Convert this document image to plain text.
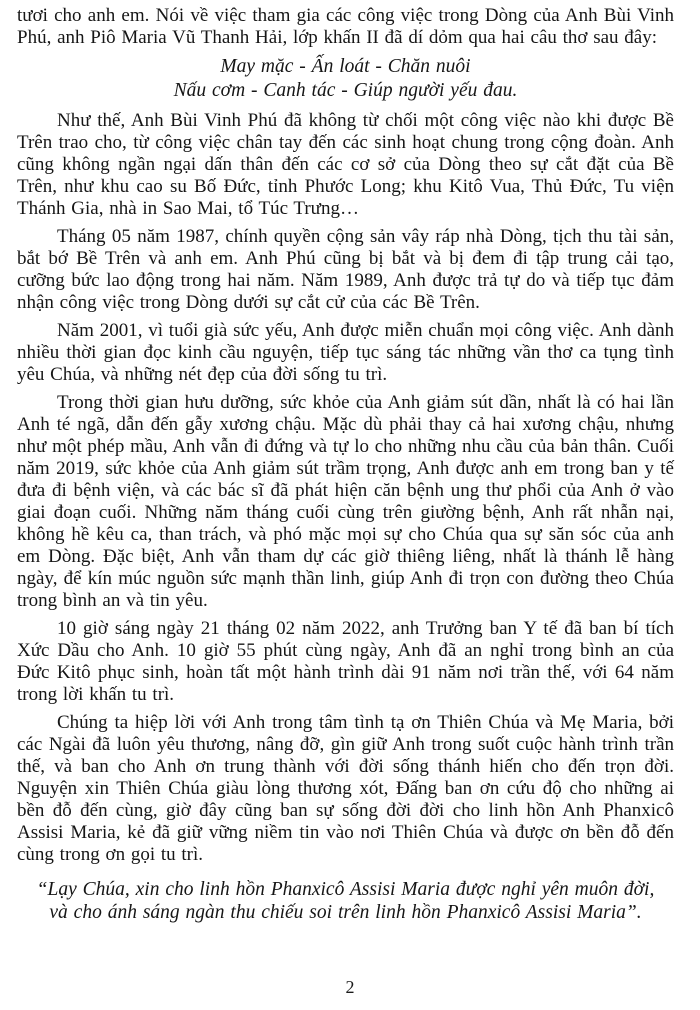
tươi cho anh em. Nói về việc tham gia các công việc trong Dòng của Anh Bùi Vinh Phú, anh Piô Maria Vũ Thanh Hải, lớp khấn II đã dí dỏm qua hai câu thơ sau đây:

May mặc - Ấn loát - Chăn nuôi

Nấu cơm - Canh tác - Giúp người yếu đau.

Như thế, Anh Bùi Vinh Phú đã không từ chối một công việc nào khi được Bề Trên trao cho, từ công việc chân tay đến các sinh hoạt chung trong cộng đoàn. Anh cũng không ngần ngại dấn thân đến các cơ sở của Dòng theo sự cắt đặt của Bề Trên, như khu cao su Bố Đức, tỉnh Phước Long; khu Kitô Vua, Thủ Đức, Tu viện Thánh Gia, nhà in Sao Mai, tổ Túc Trưng…

Tháng 05 năm 1987, chính quyền cộng sản vây ráp nhà Dòng, tịch thu tài sản, bắt bớ Bề Trên và anh em. Anh Phú cũng bị bắt và bị đem đi tập trung cải tạo, cưỡng bức lao động trong hai năm. Năm 1989, Anh được trả tự do và tiếp tục đảm nhận công việc trong Dòng dưới sự cắt cử của các Bề Trên.

Năm 2001, vì tuổi già sức yếu, Anh được miễn chuẩn mọi công việc. Anh dành nhiều thời gian đọc kinh cầu nguyện, tiếp tục sáng tác những vần thơ ca tụng tình yêu Chúa, và những nét đẹp của đời sống tu trì.

Trong thời gian hưu dưỡng, sức khỏe của Anh giảm sút dần, nhất là có hai lần Anh té ngã, dẫn đến gẫy xương chậu. Mặc dù phải thay cả hai xương chậu, nhưng như một phép mầu, Anh vẫn đi đứng và tự lo cho những nhu cầu của bản thân. Cuối năm 2019, sức khỏe của Anh giảm sút trầm trọng, Anh được anh em trong ban y tế đưa đi bệnh viện, và các bác sĩ đã phát hiện căn bệnh ung thư phổi của Anh ở vào giai đoạn cuối. Những năm tháng cuối cùng trên giường bệnh, Anh rất nhẫn nại, không hề kêu ca, than trách, và phó mặc mọi sự cho Chúa qua sự săn sóc của anh em Dòng. Đặc biệt, Anh vẫn tham dự các giờ thiêng liêng, nhất là thánh lễ hàng ngày, để kín múc nguồn sức mạnh thần linh, giúp Anh đi trọn con đường theo Chúa trong bình an và tin yêu.

10 giờ sáng ngày 21 tháng 02 năm 2022, anh Trưởng ban Y tế đã ban bí tích Xức Dầu cho Anh. 10 giờ 55 phút cùng ngày, Anh đã an nghỉ trong bình an của Đức Kitô phục sinh, hoàn tất một hành trình dài 91 năm nơi trần thế, với 64 năm trong lời khấn tu trì.

Chúng ta hiệp lời với Anh trong tâm tình tạ ơn Thiên Chúa và Mẹ Maria, bởi các Ngài đã luôn yêu thương, nâng đỡ, gìn giữ Anh trong suốt cuộc hành trình trần thế, và ban cho Anh ơn trung thành với đời sống thánh hiến cho đến trọn đời. Nguyện xin Thiên Chúa giàu lòng thương xót, Đấng ban ơn cứu độ cho những ai bền đỗ đến cùng, giờ đây cũng ban sự sống đời đời cho linh hồn Anh Phanxicô Assisi Maria, kẻ đã giữ vững niềm tin vào nơi Thiên Chúa và được ơn bền đỗ đến cùng trong ơn gọi tu trì.

“Lạy Chúa, xin cho linh hồn Phanxicô Assisi Maria được nghỉ yên muôn đời,

và cho ánh sáng ngàn thu chiếu soi trên linh hồn Phanxicô Assisi Maria”.

2
